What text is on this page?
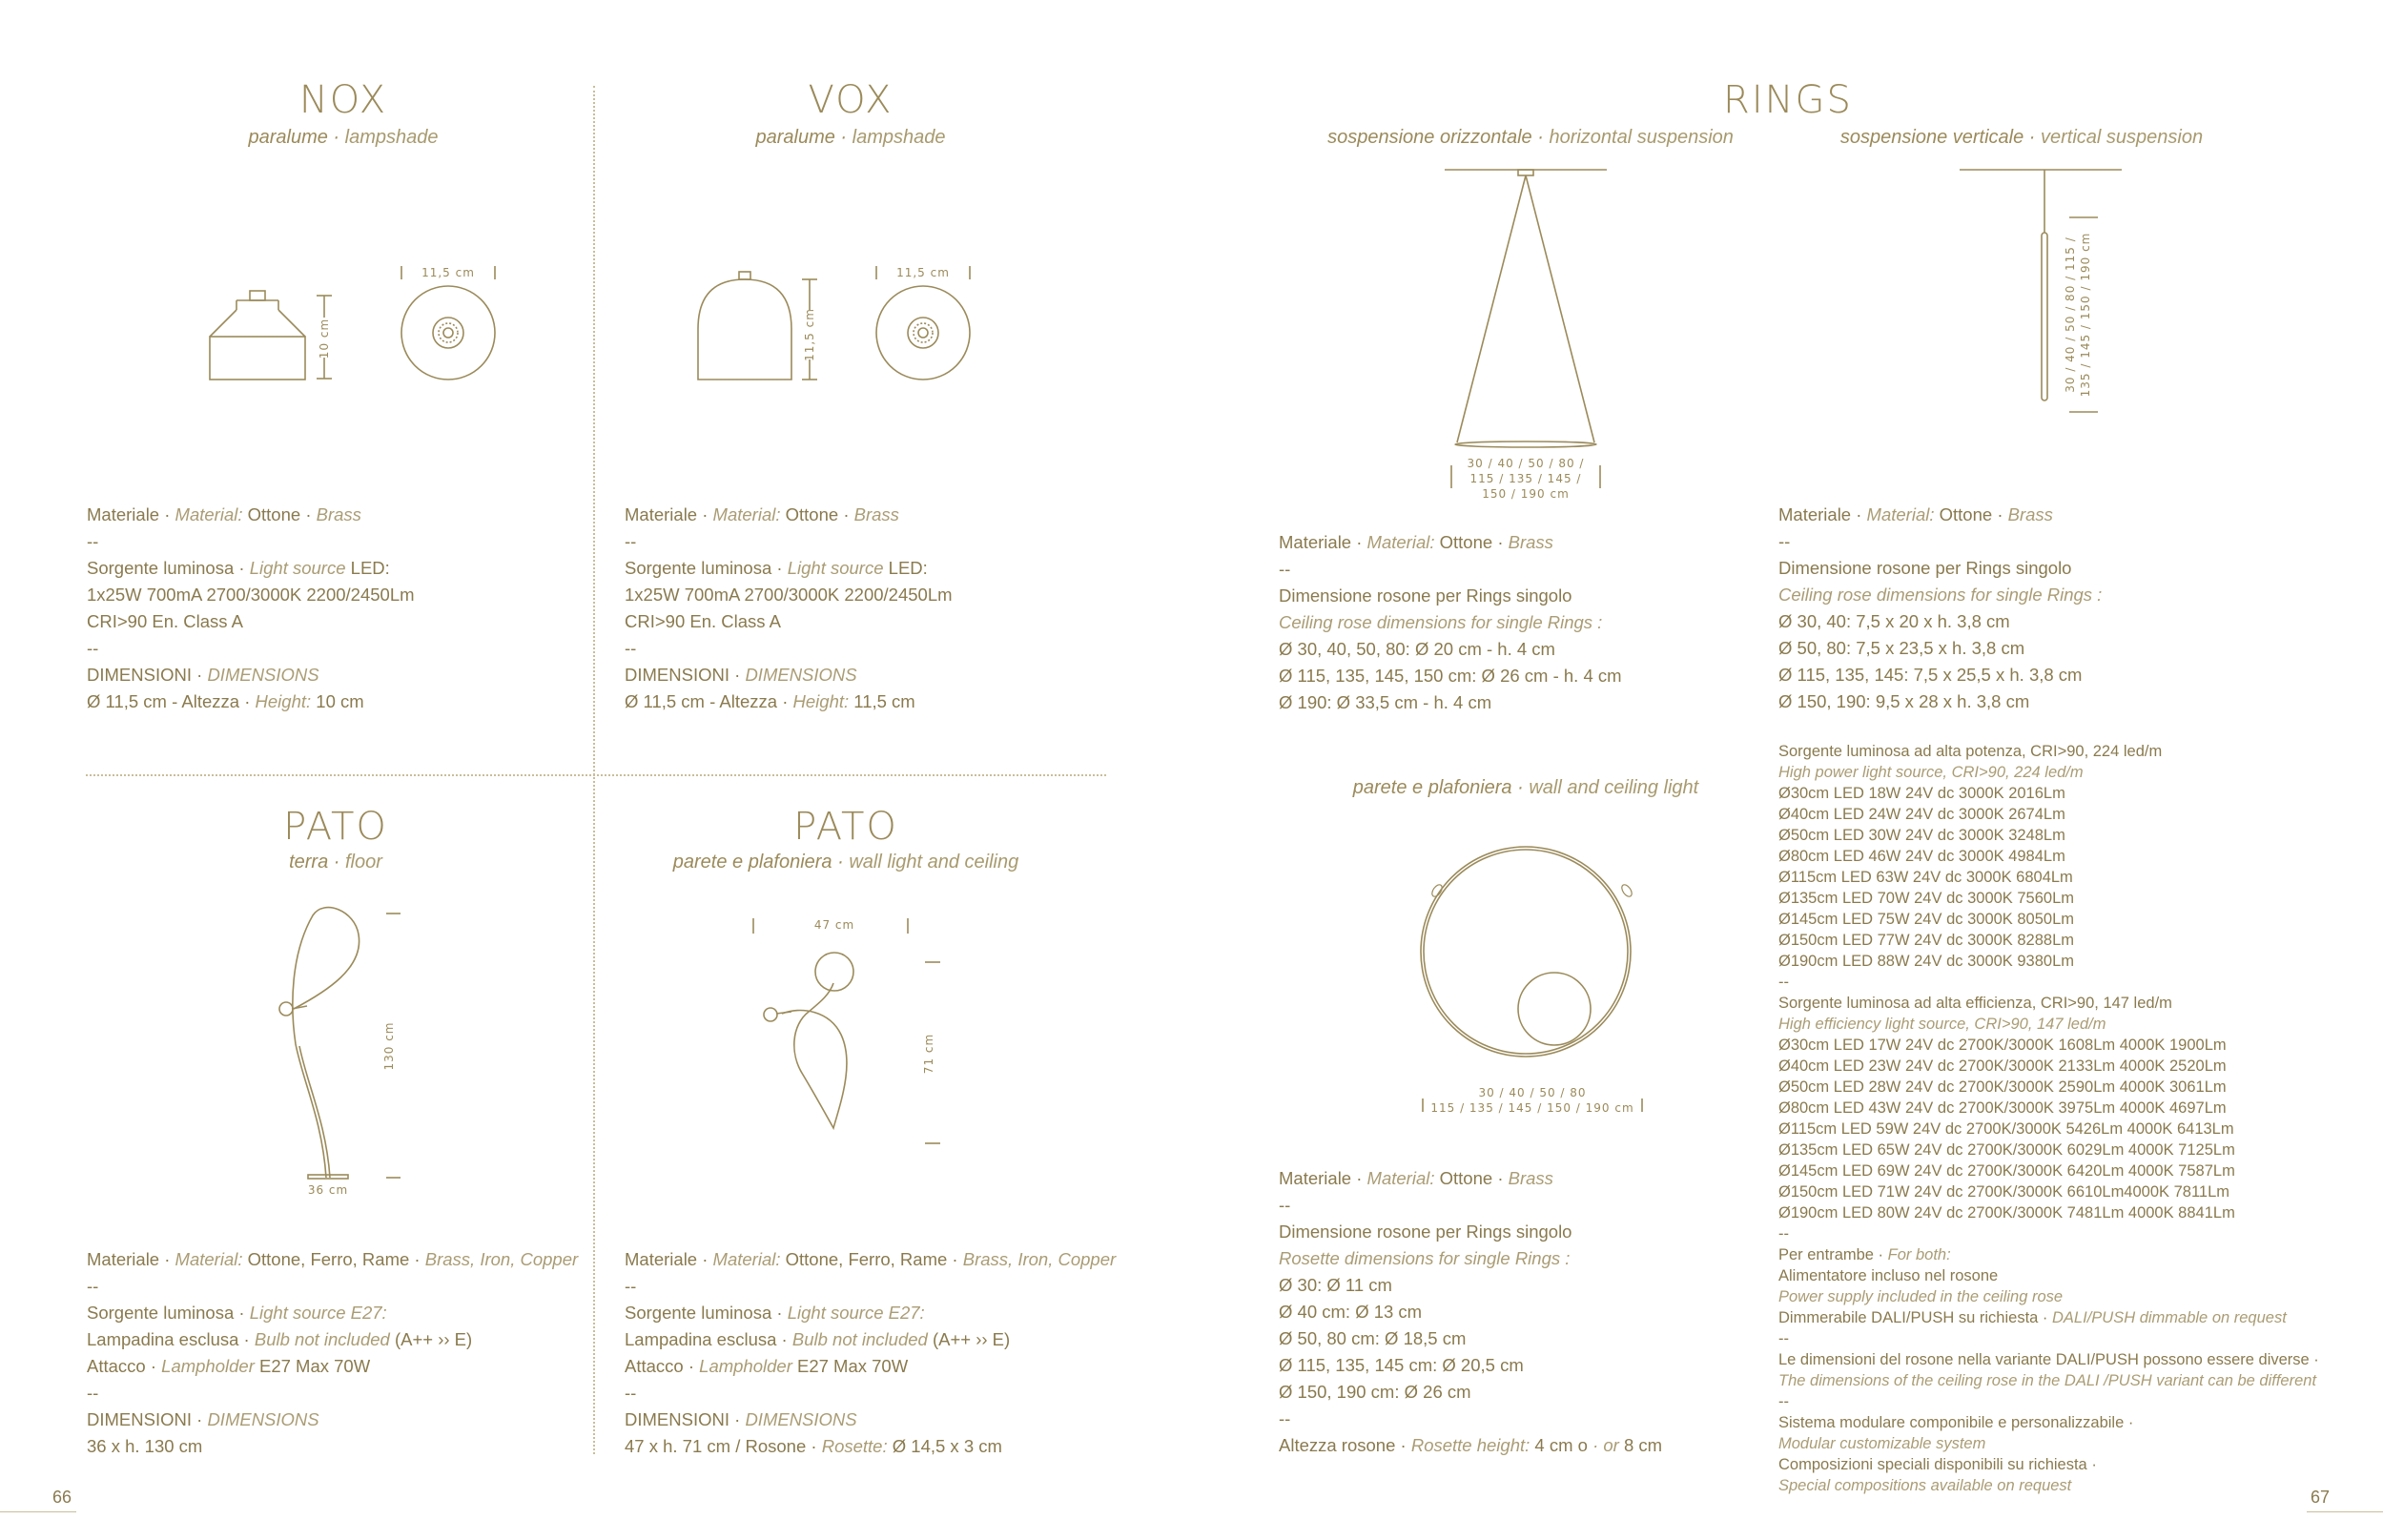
NOX
paralume · lampshade
11,5 cm
10 cm
Materiale · Material: Ottone · Brass
--
Sorgente luminosa · Light source LED:
1x25W 700mA 2700/3000K 2200/2450Lm
CRI>90 En. Class A
--
DIMENSIONI · DIMENSIONS
Ø 11,5 cm - Altezza · Height: 10 cm
VOX
paralume · lampshade
11,5 cm
11,5 cm
Materiale · Material: Ottone · Brass
--
Sorgente luminosa · Light source LED:
1x25W 700mA 2700/3000K 2200/2450Lm
CRI>90 En. Class A
--
DIMENSIONI · DIMENSIONS
Ø 11,5 cm - Altezza · Height: 11,5 cm
PATO
terra · floor
36 cm
130 cm
Materiale · Material: Ottone, Ferro, Rame · Brass, Iron, Copper
--
Sorgente luminosa · Light source E27:
Lampadina esclusa · Bulb not included (A++ ›› E)
Attacco · Lampholder E27 Max 70W
--
DIMENSIONI · DIMENSIONS
36 x h. 130 cm
PATO
parete e plafoniera · wall light and ceiling
47 cm
71 cm
Materiale · Material: Ottone, Ferro, Rame · Brass, Iron, Copper
--
Sorgente luminosa · Light source E27:
Lampadina esclusa · Bulb not included (A++ ›› E)
Attacco · Lampholder E27 Max 70W
--
DIMENSIONI · DIMENSIONS
47 x h. 71 cm / Rosone · Rosette: Ø 14,5 x 3 cm
RINGS
sospensione orizzontale · horizontal suspension	sospensione verticale · vertical suspension
30 / 40 / 50 / 80 /
115 / 135 / 145 /
150 / 190 cm
30 / 40 / 50 / 80 / 115 / 135 / 145 / 150 / 190 cm
Materiale · Material: Ottone · Brass
--
Dimensione rosone per Rings singolo
Ceiling rose dimensions for single Rings :
Ø 30, 40, 50, 80: Ø 20 cm - h. 4 cm
Ø 115, 135, 145, 150 cm: Ø 26 cm - h. 4 cm
Ø 190: Ø 33,5 cm - h. 4 cm
Materiale · Material: Ottone · Brass
--
Dimensione rosone per Rings singolo
Ceiling rose dimensions for single Rings :
Ø 30, 40: 7,5 x 20 x h. 3,8 cm
Ø 50, 80: 7,5 x 23,5 x h. 3,8 cm
Ø 115, 135, 145: 7,5 x 25,5 x h. 3,8 cm
Ø 150, 190: 9,5 x 28 x h. 3,8 cm
parete e plafoniera · wall and ceiling light
30 / 40 / 50 / 80
115 / 135 / 145 / 150 / 190 cm
Materiale · Material: Ottone · Brass
--
Dimensione rosone per Rings singolo
Rosette dimensions for single Rings :
Ø 30: Ø 11 cm
Ø 40 cm: Ø 13 cm
Ø 50, 80 cm: Ø 18,5 cm
Ø 115, 135, 145 cm: Ø 20,5 cm
Ø 150, 190 cm: Ø 26 cm
--
Altezza rosone · Rosette height: 4 cm o · or 8 cm
Sorgente luminosa ad alta potenza, CRI>90, 224 led/m
High power light source, CRI>90, 224 led/m
Ø30cm LED 18W 24V dc 3000K 2016Lm
Ø40cm LED 24W 24V dc 3000K 2674Lm
Ø50cm LED 30W 24V dc 3000K 3248Lm
Ø80cm LED 46W 24V dc 3000K 4984Lm
Ø115cm LED 63W 24V dc 3000K 6804Lm
Ø135cm LED 70W 24V dc 3000K 7560Lm
Ø145cm LED 75W 24V dc 3000K 8050Lm
Ø150cm LED 77W 24V dc 3000K 8288Lm
Ø190cm LED 88W 24V dc 3000K 9380Lm
--
Sorgente luminosa ad alta efficienza, CRI>90, 147 led/m
High efficiency light source, CRI>90, 147 led/m
Ø30cm LED 17W 24V dc 2700K/3000K 1608Lm 4000K 1900Lm
Ø40cm LED 23W 24V dc 2700K/3000K 2133Lm 4000K 2520Lm
Ø50cm LED 28W 24V dc 2700K/3000K 2590Lm 4000K 3061Lm
Ø80cm LED 43W 24V dc 2700K/3000K 3975Lm 4000K 4697Lm
Ø115cm LED 59W 24V dc 2700K/3000K 5426Lm 4000K 6413Lm
Ø135cm LED 65W 24V dc 2700K/3000K 6029Lm 4000K 7125Lm
Ø145cm LED 69W 24V dc 2700K/3000K 6420Lm 4000K 7587Lm
Ø150cm LED 71W 24V dc 2700K/3000K 6610Lm4000K 7811Lm
Ø190cm LED 80W 24V dc 2700K/3000K 7481Lm 4000K 8841Lm
--
Per entrambe · For both:
Alimentatore incluso nel rosone
Power supply included in the ceiling rose
Dimmerabile DALI/PUSH su richiesta · DALI/PUSH dimmable on request
--
Le dimensioni del rosone nella variante DALI/PUSH possono essere diverse ·
The dimensions of the ceiling rose in the DALI /PUSH variant can be different
--
Sistema modulare componibile e personalizzabile ·
Modular customizable system
Composizioni speciali disponibili su richiesta ·
Special compositions available on request
66	67
